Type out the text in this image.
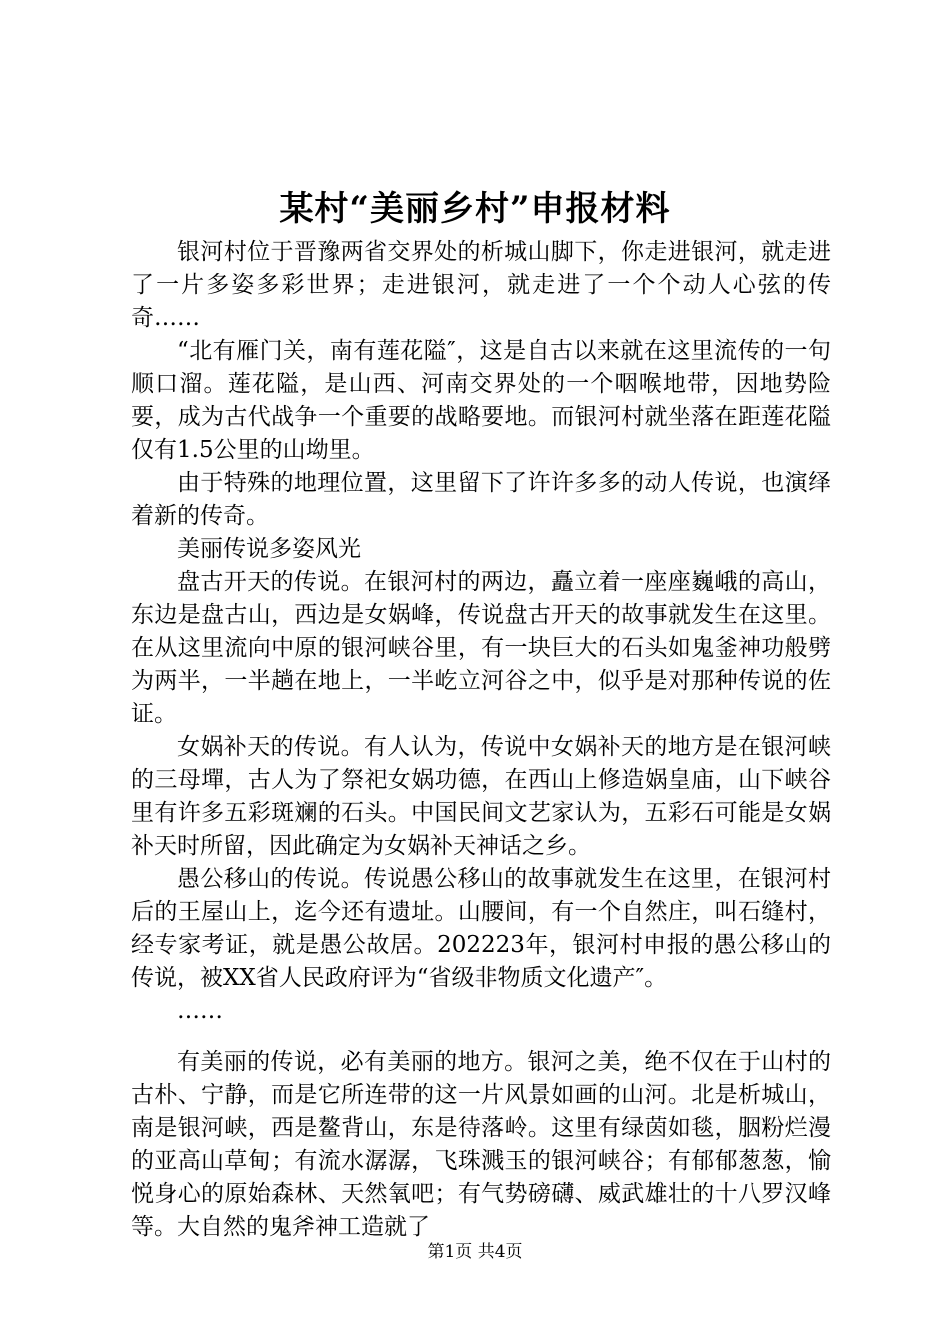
某村“美丽乡村”申报材料

银河村位于晋豫两省交界处的析城山脚下，你走进银河，就走进了一片多姿多彩世界；走进银河，就走进了一个个动人心弦的传奇……

“北有雁门关，南有莲花隘″，这是自古以来就在这里流传的一句顺口溜。莲花隘，是山西、河南交界处的一个咽喉地带，因地势险要，成为古代战争一个重要的战略要地。而银河村就坐落在距莲花隘仅有1.5公里的山坳里。

由于特殊的地理位置，这里留下了许许多多的动人传说，也演绎着新的传奇。

美丽传说多姿风光

盘古开天的传说。在银河村的两边，矗立着一座座巍峨的高山，东边是盘古山，西边是女娲峰，传说盘古开天的故事就发生在这里。在从这里流向中原的银河峡谷里，有一块巨大的石头如鬼釜神功般劈为两半，一半趟在地上，一半屹立河谷之中，似乎是对那种传说的佐证。

女娲补天的传说。有人认为，传说中女娲补天的地方是在银河峡的三母墠，古人为了祭祀女娲功德，在西山上修造娲皇庙，山下峡谷里有许多五彩斑斓的石头。中国民间文艺家认为，五彩石可能是女娲补天时所留，因此确定为女娲补天神话之乡。

愚公移山的传说。传说愚公移山的故事就发生在这里，在银河村后的王屋山上，迄今还有遗址。山腰间，有一个自然庄，叫石缝村，经专家考证，就是愚公故居。202223年，银河村申报的愚公移山的传说，被XX省人民政府评为“省级非物质文化遗产″。

……

有美丽的传说，必有美丽的地方。银河之美，绝不仅在于山村的古朴、宁静，而是它所连带的这一片风景如画的山河。北是析城山，南是银河峡，西是鳌背山，东是待落岭。这里有绿茵如毯，胭粉烂漫的亚高山草甸；有流水潺潺，飞珠溅玉的银河峡谷；有郁郁葱葱，愉悦身心的原始森林、天然氧吧；有气势磅礴、威武雄壮的十八罗汉峰等。大自然的鬼斧神工造就了

第1页 共4页
